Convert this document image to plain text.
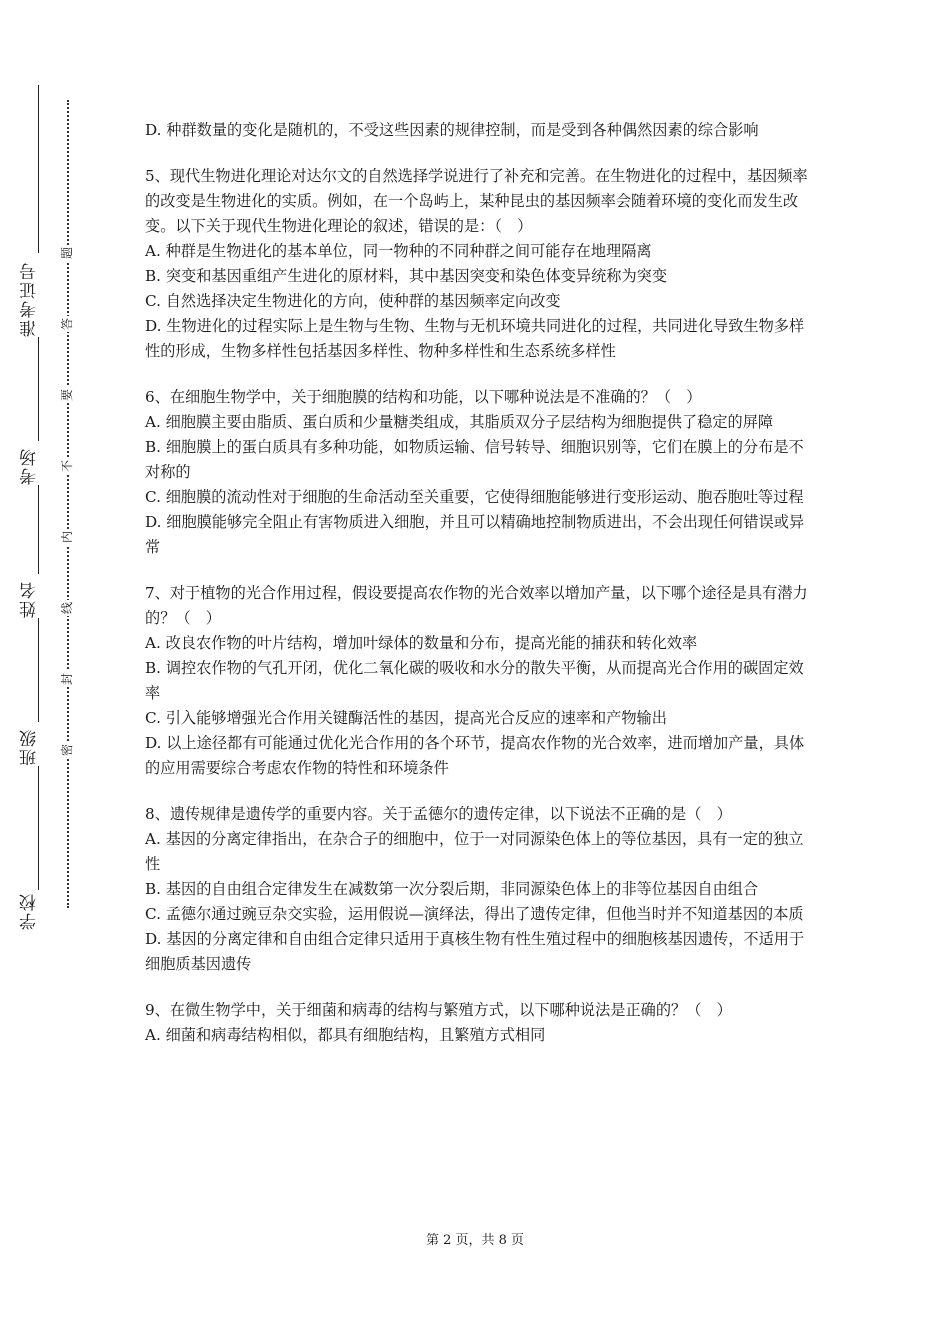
准考证号
考场
姓名
班级
学校
题
答
要
不
内
线
封
密

D. 种群数量的变化是随机的，不受这些因素的规律控制，而是受到各种偶然因素的综合影响

5、现代生物进化理论对达尔文的自然选择学说进行了补充和完善。在生物进化的过程中，基因频率的改变是生物进化的实质。例如，在一个岛屿上，某种昆虫的基因频率会随着环境的变化而发生改变。以下关于现代生物进化理论的叙述，错误的是：（　）

A. 种群是生物进化的基本单位，同一物种的不同种群之间可能存在地理隔离

B. 突变和基因重组产生进化的原材料，其中基因突变和染色体变异统称为突变

C. 自然选择决定生物进化的方向，使种群的基因频率定向改变

D. 生物进化的过程实际上是生物与生物、生物与无机环境共同进化的过程，共同进化导致生物多样性的形成，生物多样性包括基因多样性、物种多样性和生态系统多样性

6、在细胞生物学中，关于细胞膜的结构和功能，以下哪种说法是不准确的？（　）

A. 细胞膜主要由脂质、蛋白质和少量糖类组成，其脂质双分子层结构为细胞提供了稳定的屏障

B. 细胞膜上的蛋白质具有多种功能，如物质运输、信号转导、细胞识别等，它们在膜上的分布是不对称的

C. 细胞膜的流动性对于细胞的生命活动至关重要，它使得细胞能够进行变形运动、胞吞胞吐等过程

D. 细胞膜能够完全阻止有害物质进入细胞，并且可以精确地控制物质进出，不会出现任何错误或异常

7、对于植物的光合作用过程，假设要提高农作物的光合效率以增加产量，以下哪个途径是具有潜力的？（　）

A. 改良农作物的叶片结构，增加叶绿体的数量和分布，提高光能的捕获和转化效率

B. 调控农作物的气孔开闭，优化二氧化碳的吸收和水分的散失平衡，从而提高光合作用的碳固定效率

C. 引入能够增强光合作用关键酶活性的基因，提高光合反应的速率和产物输出

D. 以上途径都有可能通过优化光合作用的各个环节，提高农作物的光合效率，进而增加产量，具体的应用需要综合考虑农作物的特性和环境条件

8、遗传规律是遗传学的重要内容。关于孟德尔的遗传定律，以下说法不正确的是（　）

A. 基因的分离定律指出，在杂合子的细胞中，位于一对同源染色体上的等位基因，具有一定的独立性

B. 基因的自由组合定律发生在减数第一次分裂后期，非同源染色体上的非等位基因自由组合

C. 孟德尔通过豌豆杂交实验，运用假说—演绎法，得出了遗传定律，但他当时并不知道基因的本质

D. 基因的分离定律和自由组合定律只适用于真核生物有性生殖过程中的细胞核基因遗传，不适用于细胞质基因遗传

9、在微生物学中，关于细菌和病毒的结构与繁殖方式，以下哪种说法是正确的？（　）

A. 细菌和病毒结构相似，都具有细胞结构，且繁殖方式相同

第 2 页，共 8 页
